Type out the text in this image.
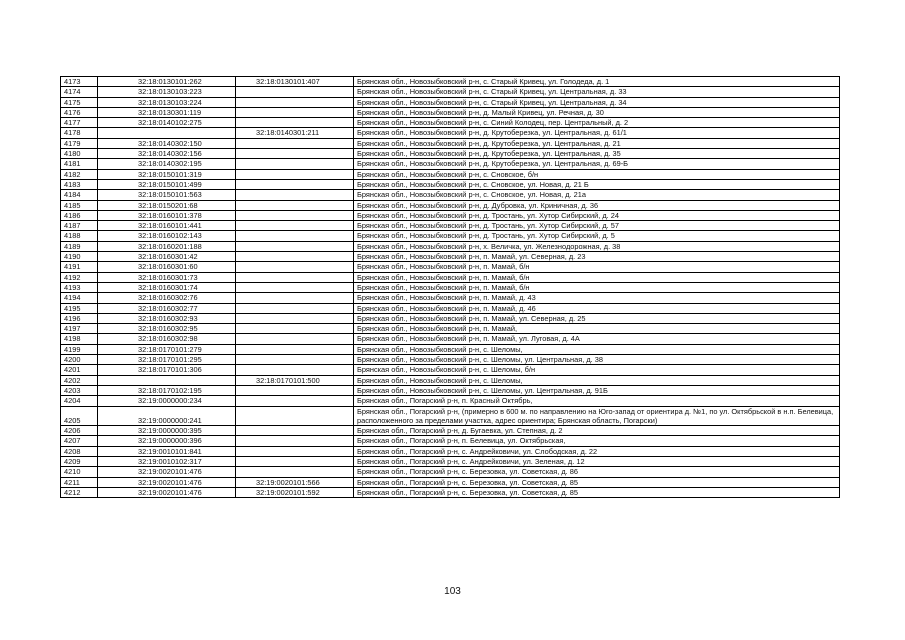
4173	32:18:0130101:262	32:18:0130101:407	Брянская обл., Новозыбковский р-н, с. Старый Кривец, ул. Голодеда, д. 1
4174	32:18:0130103:223		Брянская обл., Новозыбковский р-н, с. Старый Кривец, ул. Центральная, д. 33
4175	32:18:0130103:224		Брянская обл., Новозыбковский р-н, с. Старый Кривец, ул. Центральная, д. 34
4176	32:18:0130301:119		Брянская обл., Новозыбковский р-н, д. Малый Кривец, ул. Речная, д. 30
4177	32:18:0140102:275		Брянская обл., Новозыбковский р-н, с. Синий Колодец, пер. Центральный, д. 2
4178		32:18:0140301:211	Брянская обл., Новозыбковский р-н, д. Крутоберезка, ул. Центральная, д. 61/1
4179	32:18:0140302:150		Брянская обл., Новозыбковский р-н, д. Крутоберезка, ул. Центральная, д. 21
4180	32:18:0140302:156		Брянская обл., Новозыбковский р-н, д. Крутоберезка, ул. Центральная, д. 35
4181	32:18:0140302:195		Брянская обл., Новозыбковский р-н, д. Крутоберезка, ул. Центральная, д. 69-Б
4182	32:18:0150101:319		Брянская обл., Новозыбковский р-н, с. Сновское, б/н
4183	32:18:0150101:499		Брянская обл., Новозыбковский р-н, с. Сновское, ул. Новая, д. 21 Б
4184	32:18:0150101:563		Брянская обл., Новозыбковский р-н, с. Сновское, ул. Новая, д. 21а
4185	32:18:0150201:68		Брянская обл., Новозыбковский р-н, д. Дубровка, ул. Криничная, д. 36
4186	32:18:0160101:378		Брянская обл., Новозыбковский р-н, д. Тростань, ул. Хутор Сибирский, д. 24
4187	32:18:0160101:441		Брянская обл., Новозыбковский р-н, д. Тростань, ул. Хутор Сибирский, д. 57
4188	32:18:0160102:143		Брянская обл., Новозыбковский р-н, д. Тростань, ул. Хутор Сибирский, д. 5
4189	32:18:0160201:188		Брянская обл., Новозыбковский р-н, х. Величка, ул. Железнодорожная, д. 38
4190	32:18:0160301:42		Брянская обл., Новозыбковский р-н, п. Мамай, ул. Северная, д. 23
4191	32:18:0160301:60		Брянская обл., Новозыбковский р-н, п. Мамай, б/н
4192	32:18:0160301:73		Брянская обл., Новозыбковский р-н, п. Мамай, б/н
4193	32:18:0160301:74		Брянская обл., Новозыбковский р-н, п. Мамай, б/н
4194	32:18:0160302:76		Брянская обл., Новозыбковский р-н, п. Мамай, д. 43
4195	32:18:0160302:77		Брянская обл., Новозыбковский р-н, п. Мамай, д. 46
4196	32:18:0160302:93		Брянская обл., Новозыбковский р-н, п. Мамай, ул. Северная, д. 25
4197	32:18:0160302:95		Брянская обл., Новозыбковский р-н, п. Мамай,
4198	32:18:0160302:98		Брянская обл., Новозыбковский р-н, п. Мамай, ул. Луговая, д. 4А
4199	32:18:0170101:279		Брянская обл., Новозыбковский р-н, с. Шеломы,
4200	32:18:0170101:295		Брянская обл., Новозыбковский р-н, с. Шеломы, ул. Центральная, д. 38
4201	32:18:0170101:306		Брянская обл., Новозыбковский р-н, с. Шеломы, б/н
4202		32:18:0170101:500	Брянская обл., Новозыбковский р-н, с. Шеломы,
4203	32:18:0170102:195		Брянская обл., Новозыбковский р-н, с. Шеломы, ул. Центральная, д. 91Б
4204	32:19:0000000:234		Брянская обл., Погарский р-н, п. Красный Октябрь,
4205	32:19:0000000:241		Брянская обл., Погарский р-н, (примерно в 600 м. по направлению на Юго-запад от ориентира д. №1, по ул. Октябрьской в н.п. Белевица, расположенного за пределами участка, адрес ориентира; Брянская область, Погарски)
4206	32:19:0000000:395		Брянская обл., Погарский р-н, д. Бугаевка, ул. Степная, д. 2
4207	32:19:0000000:396		Брянская обл., Погарский р-н, п. Белевица, ул. Октябрьская,
4208	32:19:0010101:841		Брянская обл., Погарский р-н, с. Андрейковичи, ул. Слободская, д. 22
4209	32:19:0010102:317		Брянская обл., Погарский р-н, с. Андрейковичи, ул. Зеленая, д. 12
4210	32:19:0020101:476		Брянская обл., Погарский р-н, с. Березовка, ул. Советская, д. 86
4211	32:19:0020101:476	32:19:0020101:566	Брянская обл., Погарский р-н, с. Березовка, ул. Советская, д. 85
4212	32:19:0020101:476	32:19:0020101:592	Брянская обл., Погарский р-н, с. Березовка, ул. Советская, д. 85
103
